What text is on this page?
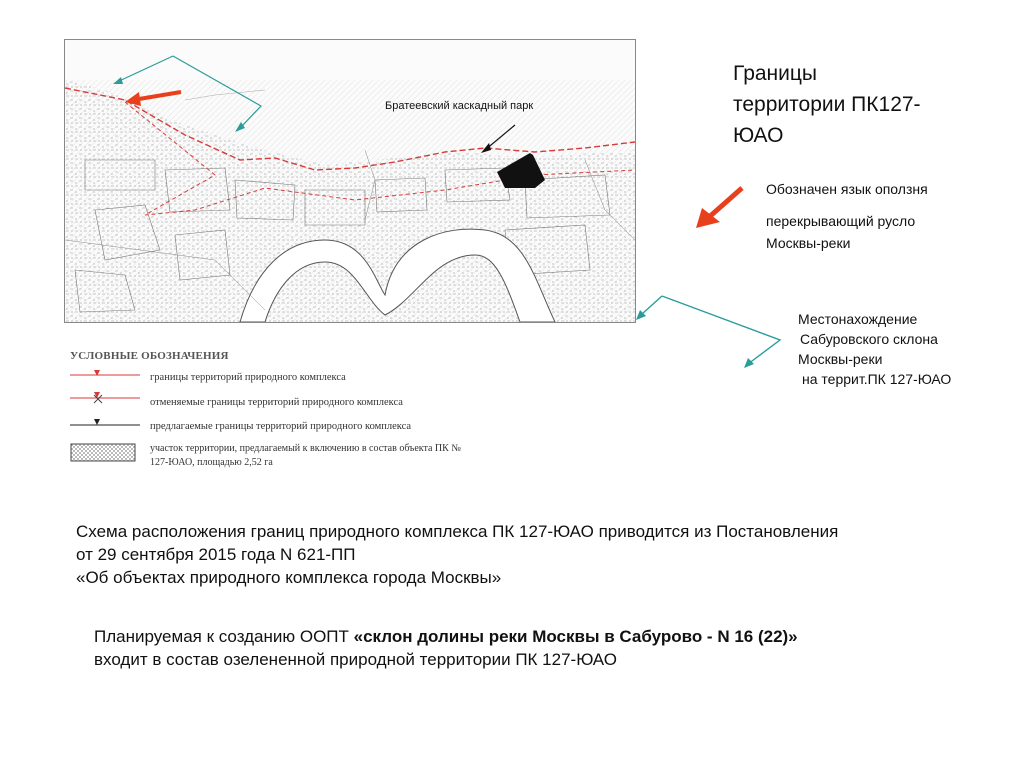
Братеевский каскадный парк
Границы
территории ПК127-
ЮАО
Обозначен язык оползня
перекрывающий русло
Москвы-реки
Местонахождение
Сабуровского склона
Москвы-реки
на террит.ПК 127-ЮАО
УСЛОВНЫЕ ОБОЗНАЧЕНИЯ
границы территорий природного комплекса
отменяемые границы территорий природного комплекса
предлагаемые границы территорий природного комплекса
участок территории, предлагаемый к включению в состав объекта ПК №
127-ЮАО, площадью 2,52 га
Схема расположения границ природного комплекса ПК 127-ЮАО приводится из Постановления
от 29 сентября 2015 года N 621-ПП
«Об объектах природного комплекса города Москвы»
Планируемая к созданию ООПТ «склон долины реки Москвы в Сабурово - N 16 (22)»
входит в состав озелененной природной территории ПК 127-ЮАО
